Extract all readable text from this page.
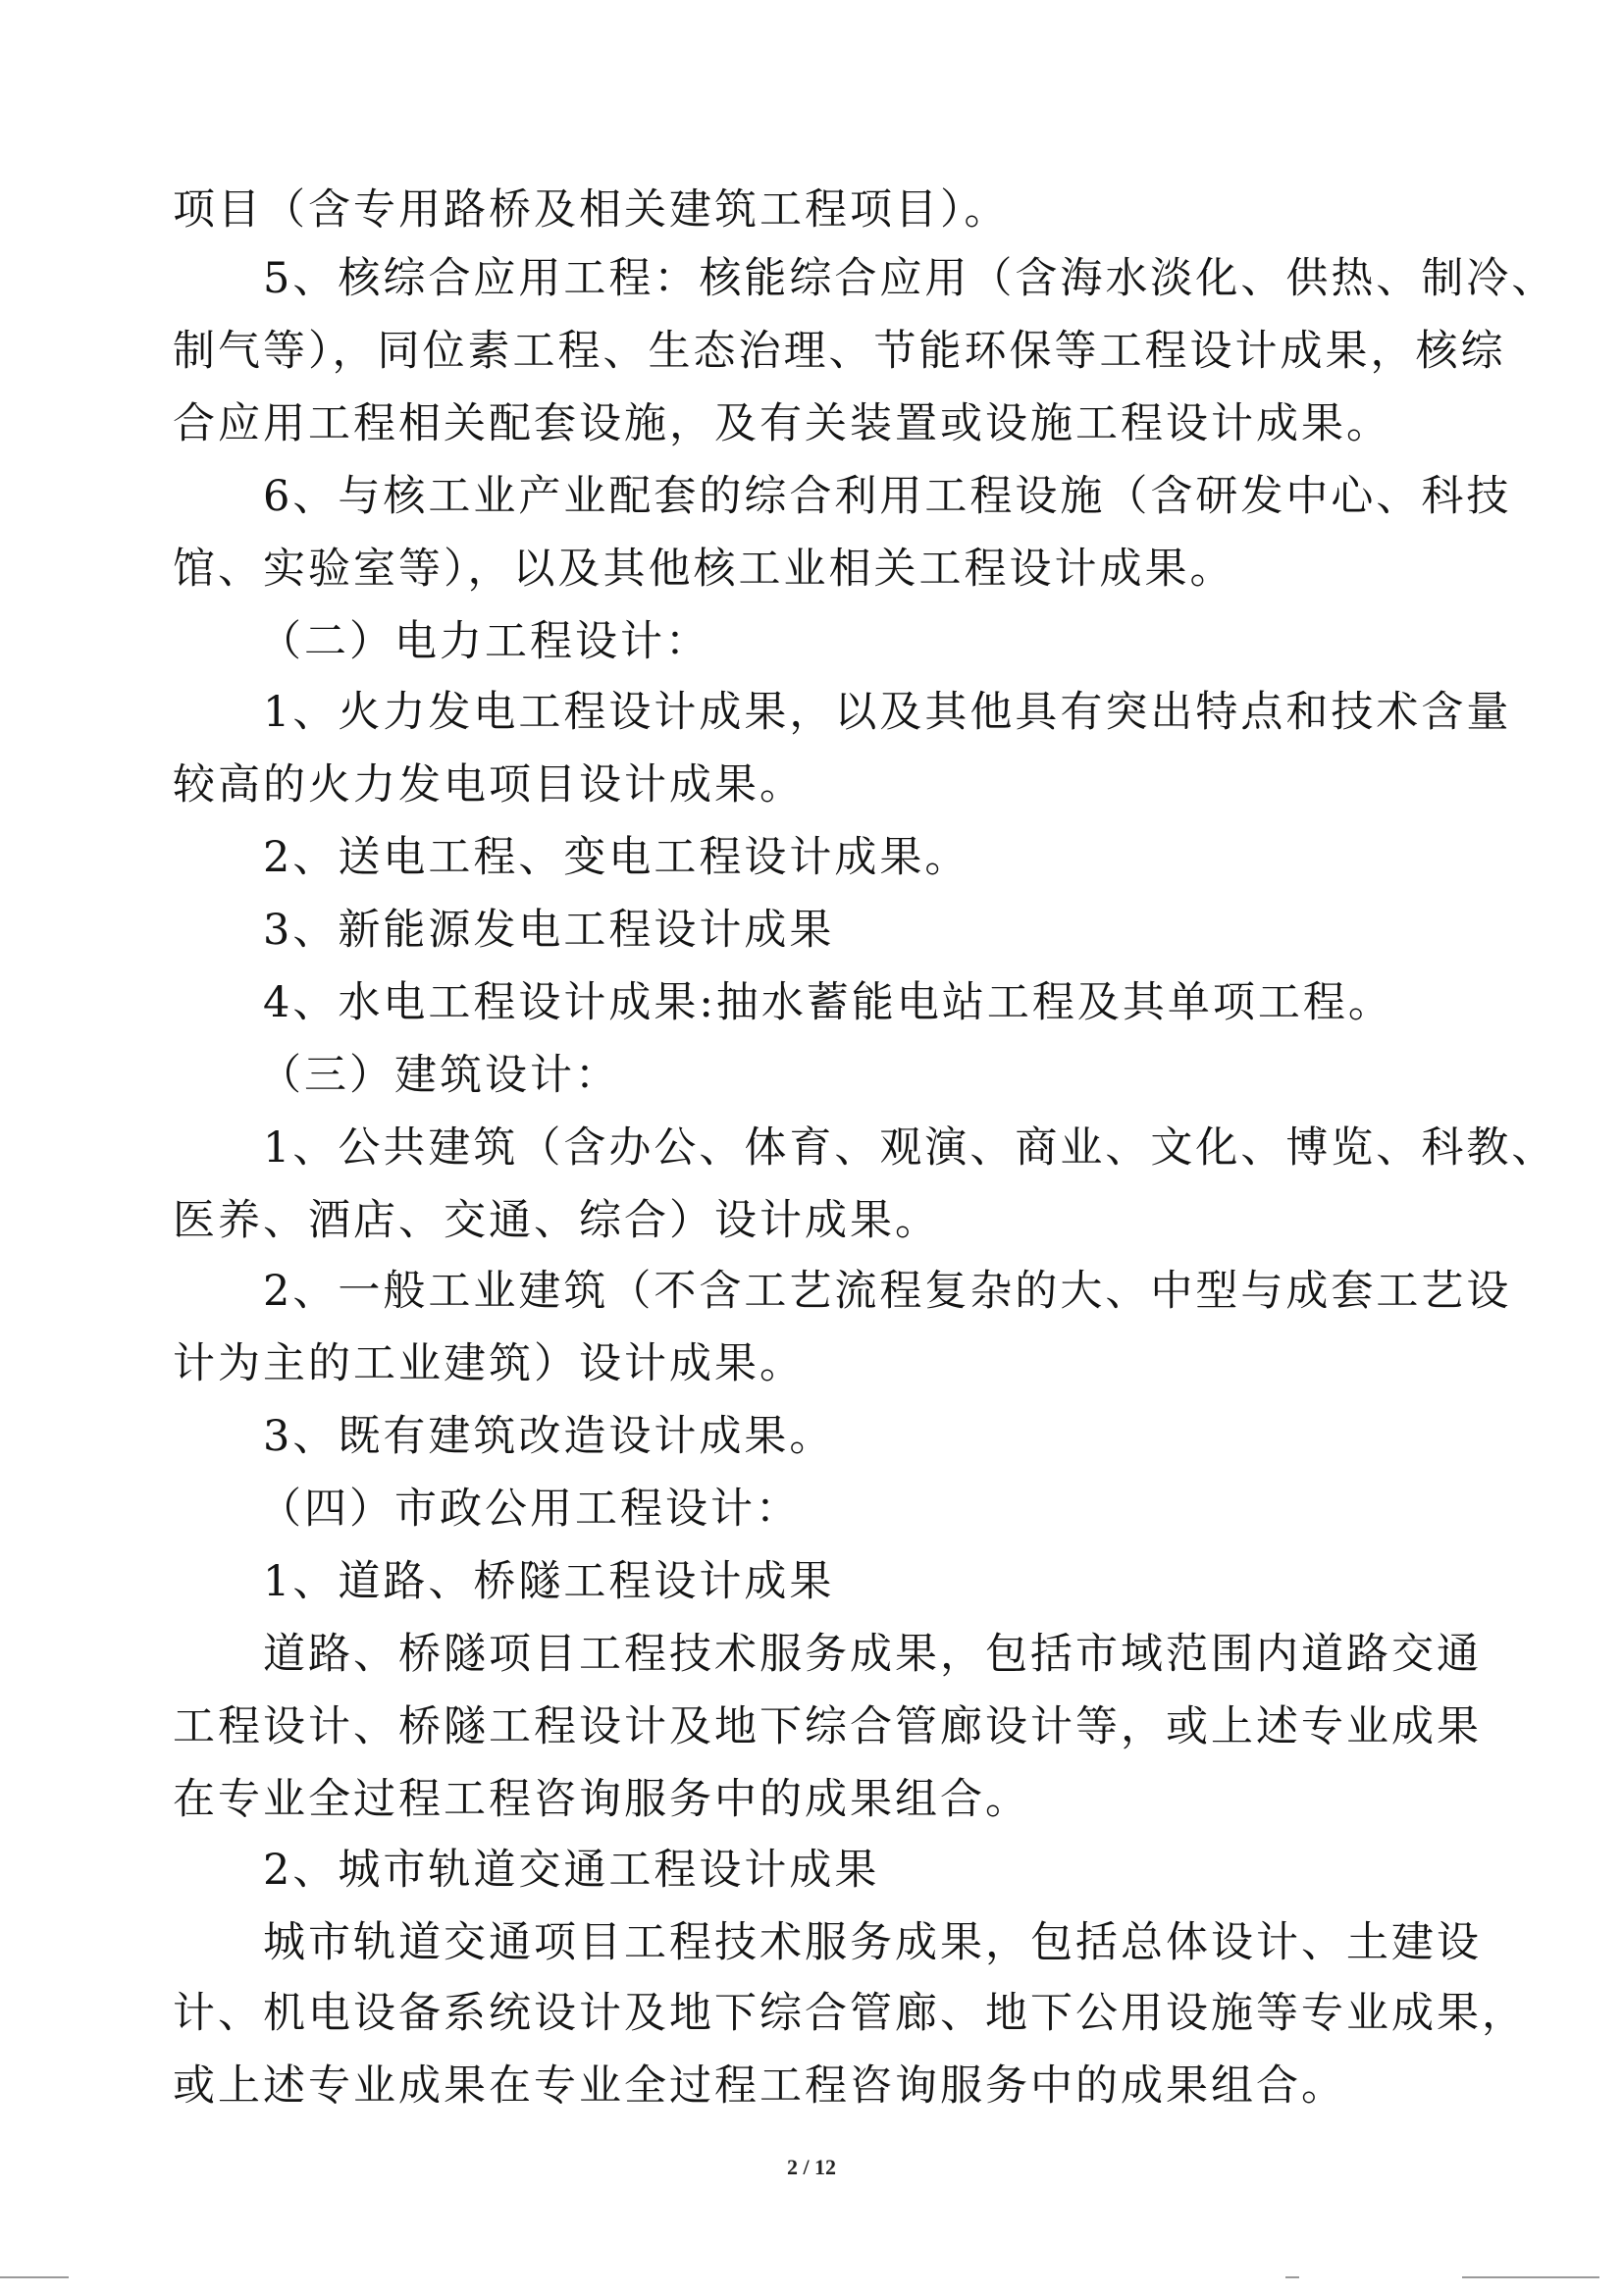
项目（含专用路桥及相关建筑工程项目）。
5、核综合应用工程：核能综合应用（含海水淡化、供热、制冷、
制气等），同位素工程、生态治理、节能环保等工程设计成果，核综
合应用工程相关配套设施，及有关装置或设施工程设计成果。
6、与核工业产业配套的综合利用工程设施（含研发中心、科技
馆、实验室等），以及其他核工业相关工程设计成果。
（二）电力工程设计：
1、火力发电工程设计成果，以及其他具有突出特点和技术含量
较高的火力发电项目设计成果。
2、送电工程、变电工程设计成果。
3、新能源发电工程设计成果
4、水电工程设计成果:抽水蓄能电站工程及其单项工程。
（三）建筑设计：
1、公共建筑（含办公、体育、观演、商业、文化、博览、科教、
医养、酒店、交通、综合）设计成果。
2、一般工业建筑（不含工艺流程复杂的大、中型与成套工艺设
计为主的工业建筑）设计成果。
3、既有建筑改造设计成果。
（四）市政公用工程设计：
1、道路、桥隧工程设计成果
道路、桥隧项目工程技术服务成果，包括市域范围内道路交通
工程设计、桥隧工程设计及地下综合管廊设计等，或上述专业成果
在专业全过程工程咨询服务中的成果组合。
2、城市轨道交通工程设计成果
城市轨道交通项目工程技术服务成果，包括总体设计、土建设
计、机电设备系统设计及地下综合管廊、地下公用设施等专业成果，
或上述专业成果在专业全过程工程咨询服务中的成果组合。
2 / 12
